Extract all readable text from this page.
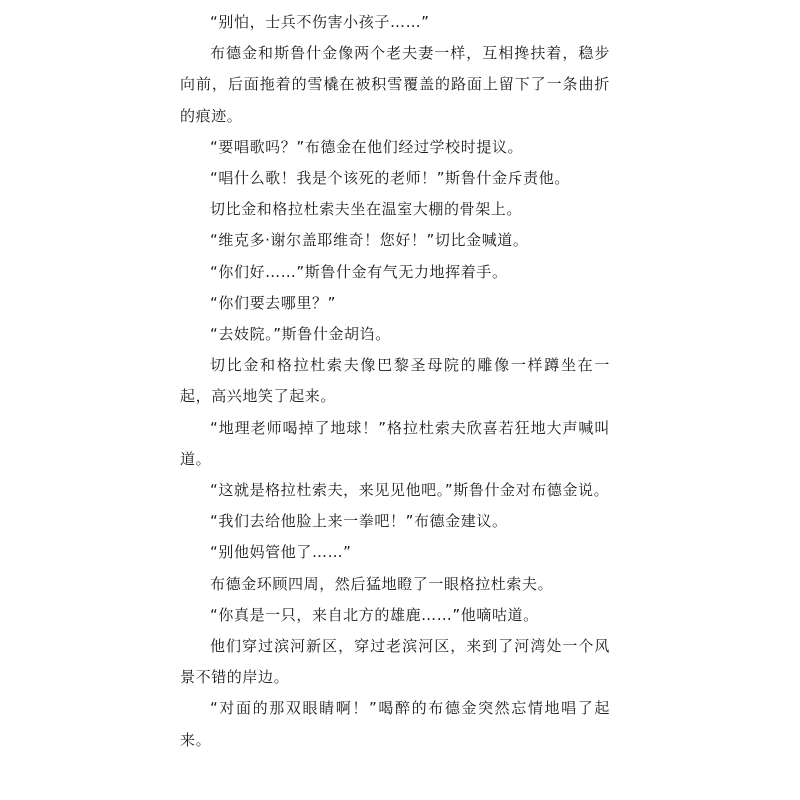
“别怕，士兵不伤害小孩子……”

布德金和斯鲁什金像两个老夫妻一样，互相搀扶着，稳步向前，后面拖着的雪橇在被积雪覆盖的路面上留下了一条曲折的痕迹。

“要唱歌吗？”布德金在他们经过学校时提议。

“唱什么歌！我是个该死的老师！”斯鲁什金斥责他。

切比金和格拉杜索夫坐在温室大棚的骨架上。

“维克多·谢尔盖耶维奇！您好！”切比金喊道。

“你们好……”斯鲁什金有气无力地挥着手。

“你们要去哪里？”

“去妓院。”斯鲁什金胡诌。

切比金和格拉杜索夫像巴黎圣母院的雕像一样蹲坐在一起，高兴地笑了起来。

“地理老师喝掉了地球！”格拉杜索夫欣喜若狂地大声喊叫道。

“这就是格拉杜索夫，来见见他吧。”斯鲁什金对布德金说。

“我们去给他脸上来一拳吧！”布德金建议。

“别他妈管他了……”

布德金环顾四周，然后猛地瞪了一眼格拉杜索夫。

“你真是一只，来自北方的雄鹿……”他嘀咕道。

他们穿过滨河新区，穿过老滨河区，来到了河湾处一个风景不错的岸边。

“对面的那双眼睛啊！”喝醉的布德金突然忘情地唱了起来。
